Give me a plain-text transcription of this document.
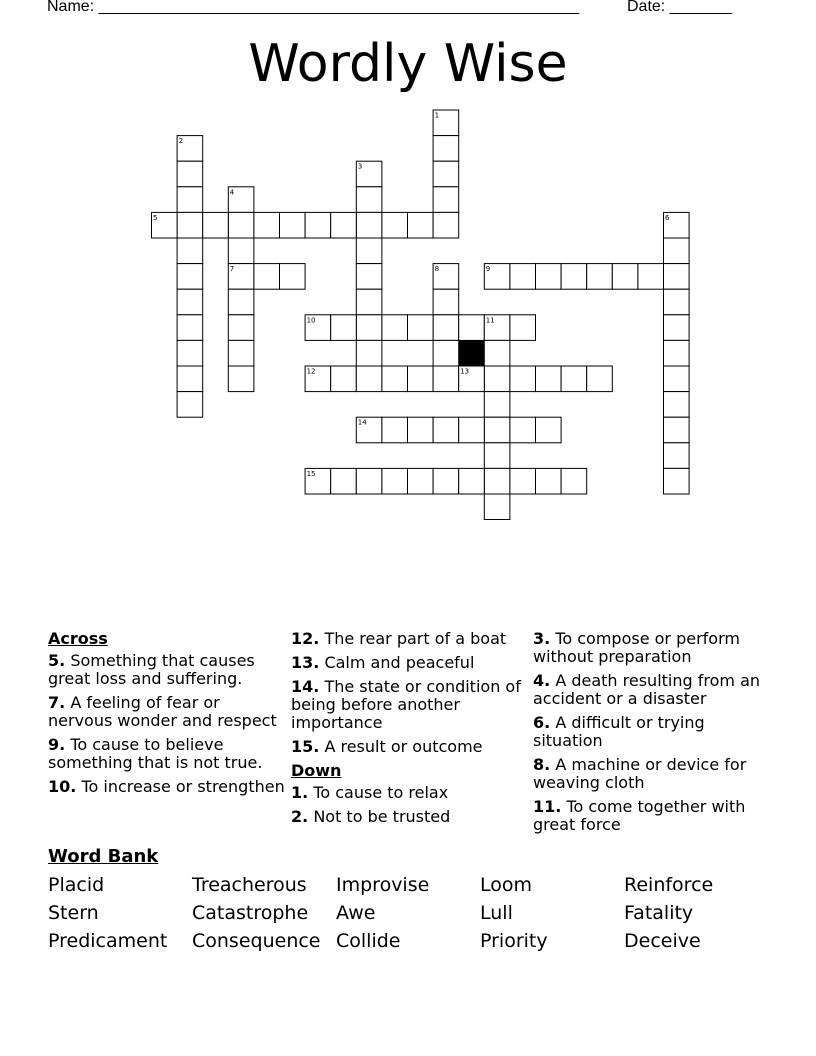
Name: ______________________________________________________	Date: _______
Wordly Wise
1
2
3
4
5	6
7	8	9
10	11
12	13
14
15
Across
5. Something that causes great loss and suffering.
7. A feeling of fear or nervous wonder and respect
9. To cause to believe something that is not true.
10. To increase or strengthen
12. The rear part of a boat
13. Calm and peaceful
14. The state or condition of being before another importance
15. A result or outcome
Down
1. To cause to relax
2. Not to be trusted
3. To compose or perform without preparation
4. A death resulting from an accident or a disaster
6. A difficult or trying situation
8. A machine or device for weaving cloth
11. To come together with great force
Word Bank
Placid	Treacherous Improvise	Loom	Reinforce
Stern	Catastrophe Awe	Lull	Fatality
Predicament Consequence Collide	Priority	Deceive
